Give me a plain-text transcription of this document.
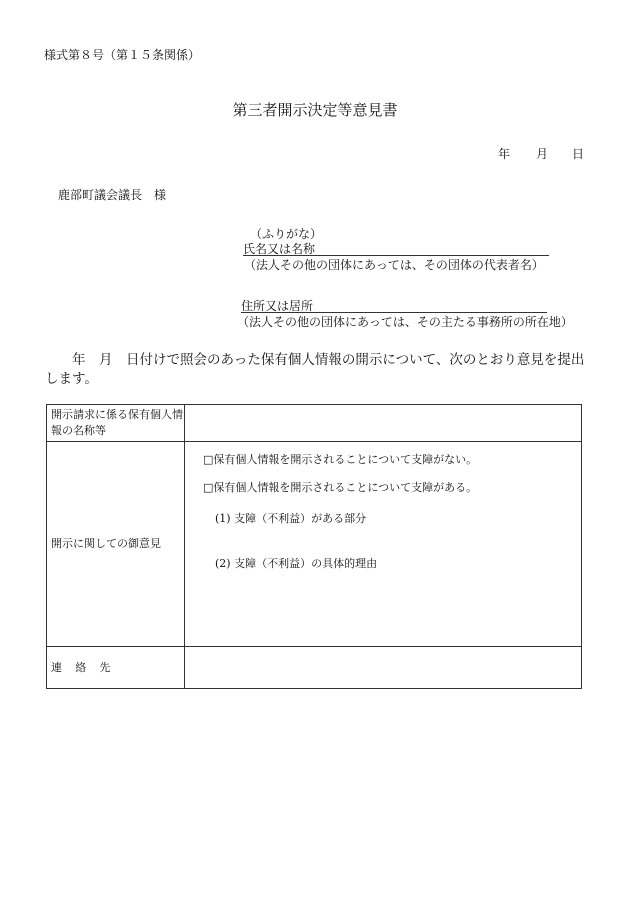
様式第８号（第１５条関係）
第三者開示決定等意見書
年 月 日
鹿部町議会議長　様
（ふりがな）
氏名又は名称
（法人その他の団体にあっては、その団体の代表者名）
住所又は居所
（法人その他の団体にあっては、その主たる事務所の所在地）
年　月　日付けで照会のあった保有個人情報の開示について、次のとおり意見を提出します。
開示請求に係る保有個人情報の名称等	
開示に関しての御意見	□保有個人情報を開示されることについて支障がない。
□保有個人情報を開示されることについて支障がある。
(1) 支障（不利益）がある部分
(2) 支障（不利益）の具体的理由

連絡先	
